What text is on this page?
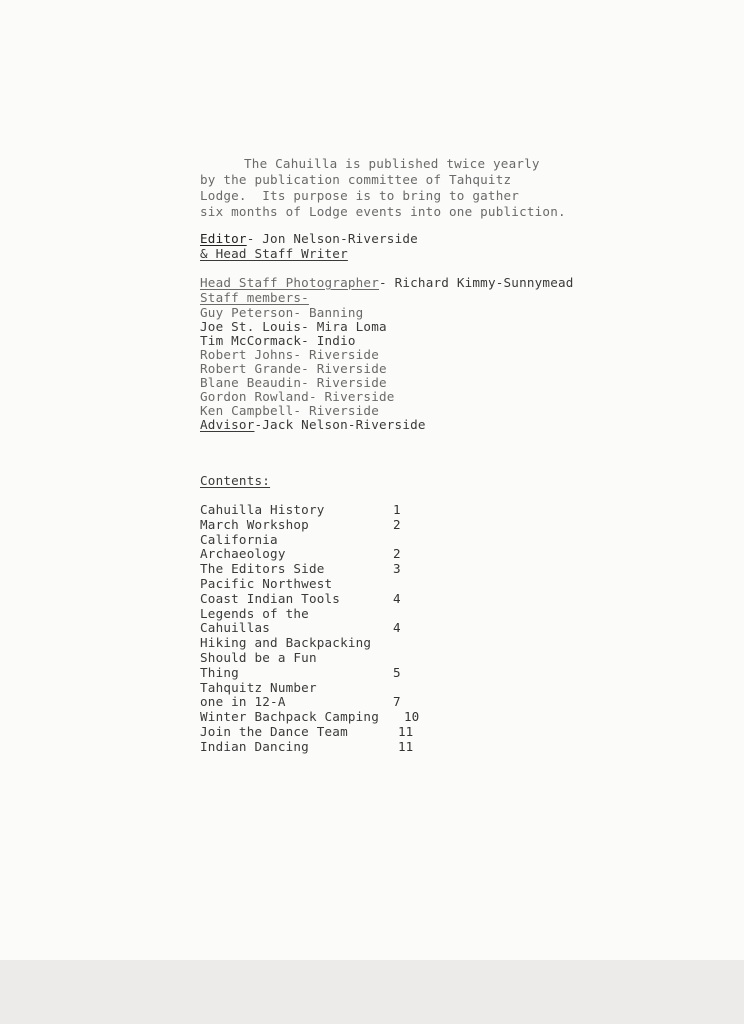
The Cahuilla is published twice yearly
by the publication committee of Tahquitz
Lodge.  Its purpose is to bring to gather
six months of Lodge events into one publiction.
Editor- Jon Nelson-Riverside
& Head Staff Writer
Head Staff Photographer- Richard Kimmy-Sunnymead
Staff members-
Guy Peterson- Banning
Joe St. Louis- Mira Loma
Tim McCormack- Indio
Robert Johns- Riverside
Robert Grande- Riverside
Blane Beaudin- Riverside
Gordon Rowland- Riverside
Ken Campbell- Riverside
Advisor-Jack Nelson-Riverside
Contents:
Cahuilla History	1
March Workshop	2
California
Archaeology	2
The Editors Side	3
Pacific Northwest
Coast Indian Tools	4
Legends of the
Cahuillas	4
Hiking and Backpacking
Should be a Fun
Thing	5
Tahquitz Number
one in 12-A	7
Winter Bachpack Camping 10
Join the Dance Team	11
Indian Dancing	11
